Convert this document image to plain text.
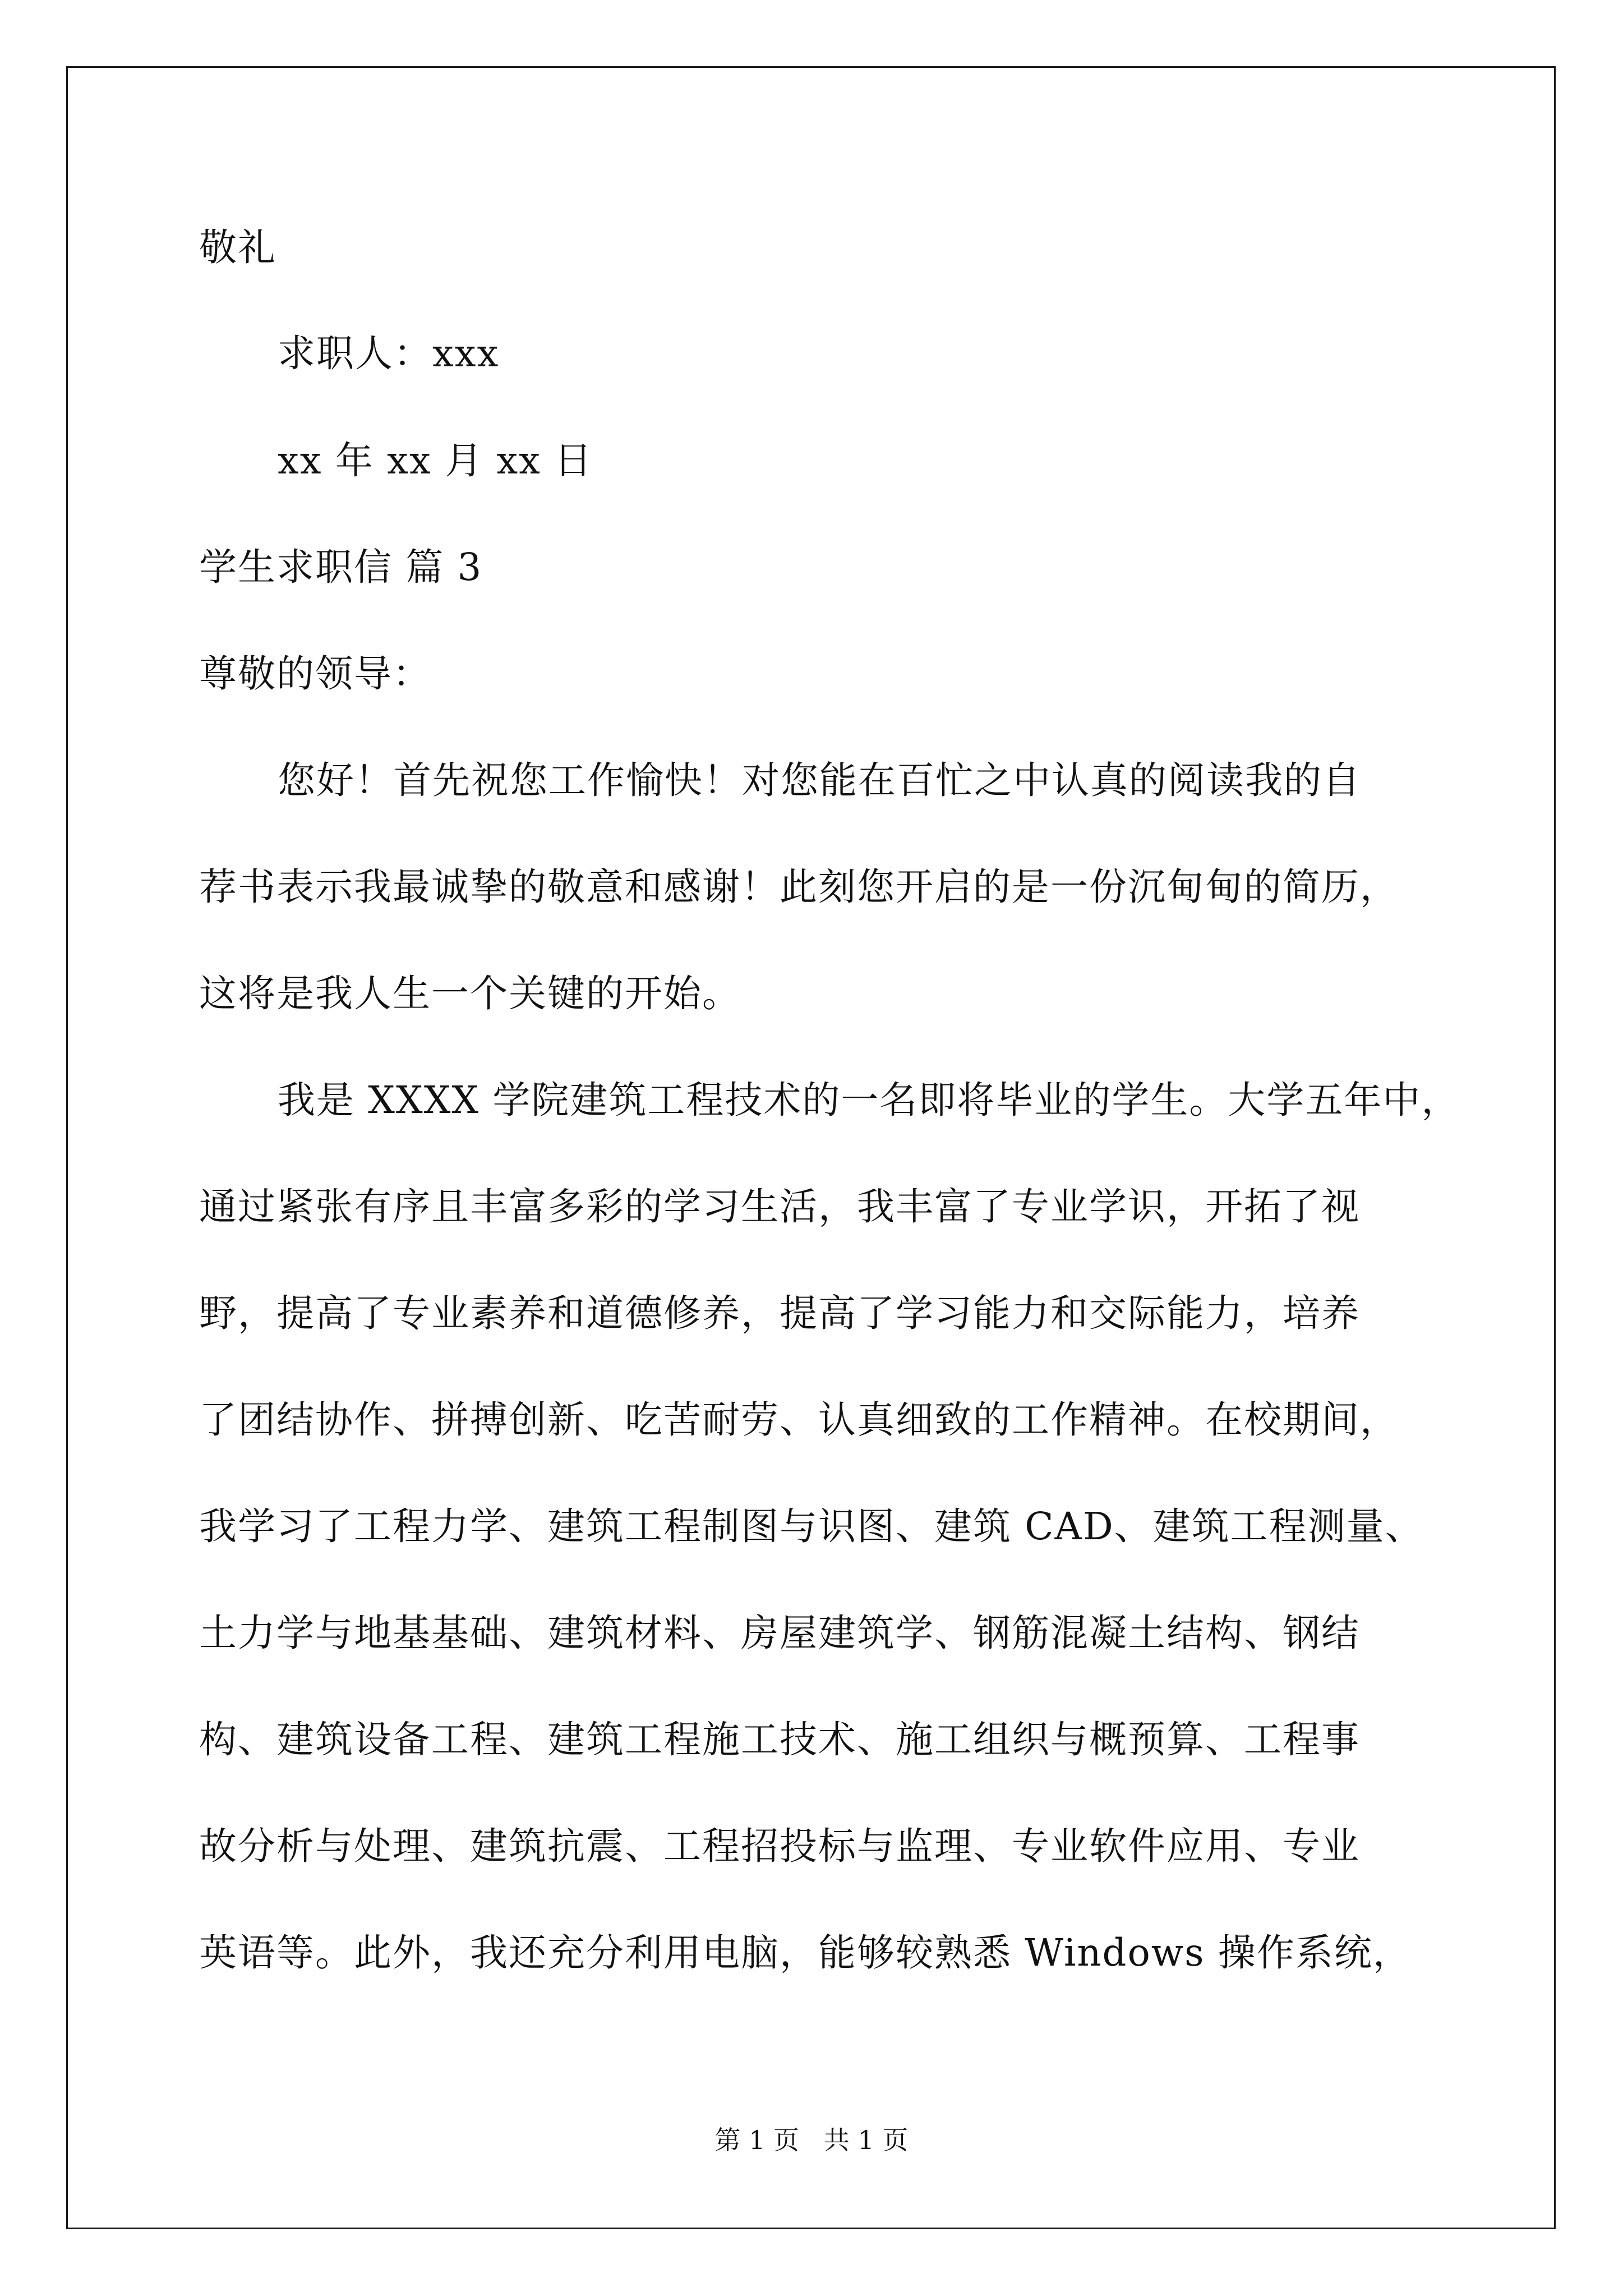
敬礼
求职人：xxx
xx 年 xx 月 xx 日
学生求职信 篇 3
尊敬的领导：
您好！首先祝您工作愉快！对您能在百忙之中认真的阅读我的自
荐书表示我最诚挚的敬意和感谢！此刻您开启的是一份沉甸甸的简历，
这将是我人生一个关键的开始。
我是 XXXX 学院建筑工程技术的一名即将毕业的学生。大学五年中，
通过紧张有序且丰富多彩的学习生活，我丰富了专业学识，开拓了视
野，提高了专业素养和道德修养，提高了学习能力和交际能力，培养
了团结协作、拼搏创新、吃苦耐劳、认真细致的工作精神。在校期间，
我学习了工程力学、建筑工程制图与识图、建筑 CAD、建筑工程测量、
土力学与地基基础、建筑材料、房屋建筑学、钢筋混凝土结构、钢结
构、建筑设备工程、建筑工程施工技术、施工组织与概预算、工程事
故分析与处理、建筑抗震、工程招投标与监理、专业软件应用、专业
英语等。此外，我还充分利用电脑，能够较熟悉 Windows 操作系统，
第 1 页   共 1 页
